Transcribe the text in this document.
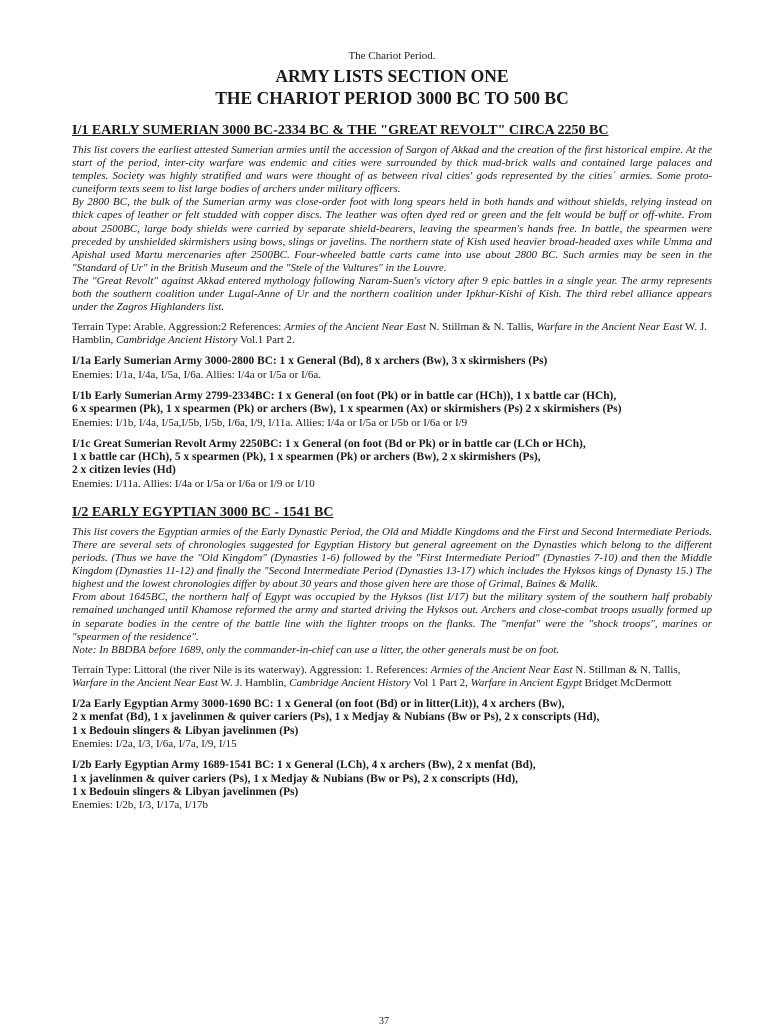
The Chariot Period.
ARMY LISTS SECTION ONE
THE CHARIOT PERIOD 3000 BC TO 500 BC
I/1 EARLY SUMERIAN 3000 BC-2334 BC & THE "GREAT REVOLT" CIRCA 2250 BC

This list covers the earliest attested Sumerian armies until the accession of Sargon of Akkad and the creation of the first historical empire. At the start of the period, inter-city warfare was endemic and cities were surrounded by thick mud-brick walls and contained large palaces and temples. Society was highly stratified and wars were thought of as between rival cities' gods represented by the cities´ armies. Some proto-cuneiform texts seem to list large bodies of archers under military officers.

By 2800 BC, the bulk of the Sumerian army was close-order foot with long spears held in both hands and without shields, relying instead on thick capes of leather or felt studded with copper discs. The leather was often dyed red or green and the felt would be buff or off-white. From about 2500BC, large body shields were carried by separate shield-bearers, leaving the spearmen's hands free. In battle, the spearmen were preceded by unshielded skirmishers using bows, slings or javelins. The northern state of Kish used heavier broad-headed axes while Umma and Apishal used Martu mercenaries after 2500BC. Four-wheeled battle carts came into use about 2800 BC. Such armies may be seen in the "Standard of Ur" in the British Museum and the "Stele of the Vultures" in the Louvre.

The "Great Revolt" against Akkad entered mythology following Naram-Suen's victory after 9 epic battles in a single year. The army represents both the southern coalition under Lugal-Anne of Ur and the northern coalition under Ipkhur-Kishi of Kish. The third rebel alliance appears under the Zagros Highlanders list.

Terrain Type: Arable. Aggression:2 References: Armies of the Ancient Near East N. Stillman & N. Tallis, Warfare in the Ancient Near East W. J. Hamblin, Cambridge Ancient History Vol.1 Part 2.

I/1a Early Sumerian Army 3000-2800 BC: 1 x General (Bd), 8 x archers (Bw), 3 x skirmishers (Ps)
Enemies: I/1a, I/4a, I/5a, I/6a. Allies: I/4a or I/5a or I/6a.
I/1b Early Sumerian Army 2799-2334BC: 1 x General (on foot (Pk) or in battle car (HCh)), 1 x battle car (HCh),
6 x spearmen (Pk), 1 x spearmen (Pk) or archers (Bw), 1 x spearmen (Ax) or skirmishers (Ps) 2 x skirmishers (Ps)
Enemies: I/1b, I/4a, I/5a,I/5b, I/5b, I/6a, I/9, I/11a. Allies: I/4a or I/5a or I/5b or I/6a or I/9
I/1c Great Sumerian Revolt Army 2250BC: 1 x General (on foot (Bd or Pk) or in battle car (LCh or HCh),
1 x battle car (HCh), 5 x spearmen (Pk), 1 x spearmen (Pk) or archers (Bw), 2 x skirmishers (Ps),
2 x citizen levies (Hd)
Enemies: I/11a. Allies: I/4a or I/5a or I/6a or I/9 or I/10
I/2 EARLY EGYPTIAN 3000 BC - 1541 BC

This list covers the Egyptian armies of the Early Dynastic Period, the Old and Middle Kingdoms and the First and Second Intermediate Periods. There are several sets of chronologies suggested for Egyptian History but general agreement on the Dynasties which belong to the different periods. (Thus we have the "Old Kingdom" (Dynasties 1-6) followed by the "First Intermediate Period" (Dynasties 7-10) and then the Middle Kingdom (Dynasties 11-12) and finally the "Second Intermediate Period (Dynasties 13-17) which includes the Hyksos kings of Dynasty 15.) The highest and the lowest chronologies differ by about 30 years and those given here are those of Grimal, Baines & Malik.

From about 1645BC, the northern half of Egypt was occupied by the Hyksos (list I/17) but the military system of the southern half probably remained unchanged until Khamose reformed the army and started driving the Hyksos out. Archers and close-combat troops usually formed up in separate bodies in the centre of the battle line with the lighter troops on the flanks. The "menfat" were the "shock troops", marines or "spearmen of the residence".

Note: In BBDBA before 1689, only the commander-in-chief can use a litter, the other generals must be on foot.

Terrain Type: Littoral (the river Nile is its waterway). Aggression: 1. References: Armies of the Ancient Near East N. Stillman & N. Tallis, Warfare in the Ancient Near East W. J. Hamblin, Cambridge Ancient History Vol 1 Part 2, Warfare in Ancient Egypt Bridget McDermott

I/2a Early Egyptian Army 3000-1690 BC: 1 x General (on foot (Bd) or in litter(Lit)), 4 x archers (Bw),
2 x menfat (Bd), 1 x javelinmen & quiver cariers (Ps), 1 x Medjay & Nubians (Bw or Ps), 2 x conscripts (Hd),
1 x Bedouin slingers & Libyan javelinmen (Ps)
Enemies: I/2a, I/3, I/6a, I/7a, I/9, I/15
I/2b Early Egyptian Army 1689-1541 BC: 1 x General (LCh), 4 x archers (Bw), 2 x menfat (Bd),
1 x javelinmen & quiver cariers (Ps), 1 x Medjay & Nubians (Bw or Ps), 2 x conscripts (Hd),
1 x Bedouin slingers & Libyan javelinmen (Ps)
Enemies: I/2b, I/3, I/17a, I/17b
37
